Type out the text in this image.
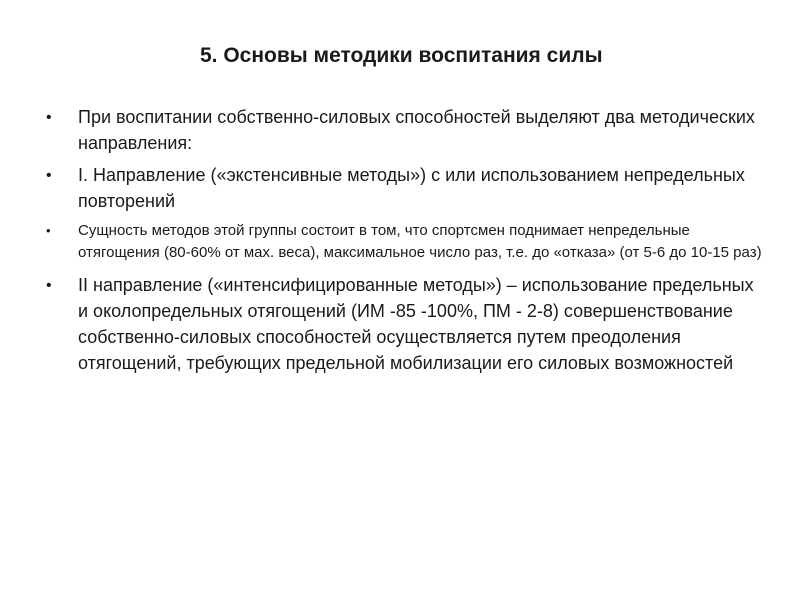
5. Основы методики воспитания силы
• При воспитании собственно-силовых способностей выделяют два методических направления:
• I. Направление («экстенсивные методы») с или использованием непредельных повторений
• Сущность методов этой группы состоит в том, что спортсмен поднимает непредельные отягощения (80-60% от мах. веса), максимальное число раз, т.е. до «отказа» (от 5-6 до 10-15 раз)
• II направление («интенсифицированные методы») – использование предельных и околопредельных отягощений (ИМ -85 -100%, ПМ - 2-8) совершенствование собственно-силовых способностей осуществляется путем преодоления отягощений, требующих предельной мобилизации его силовых возможностей
